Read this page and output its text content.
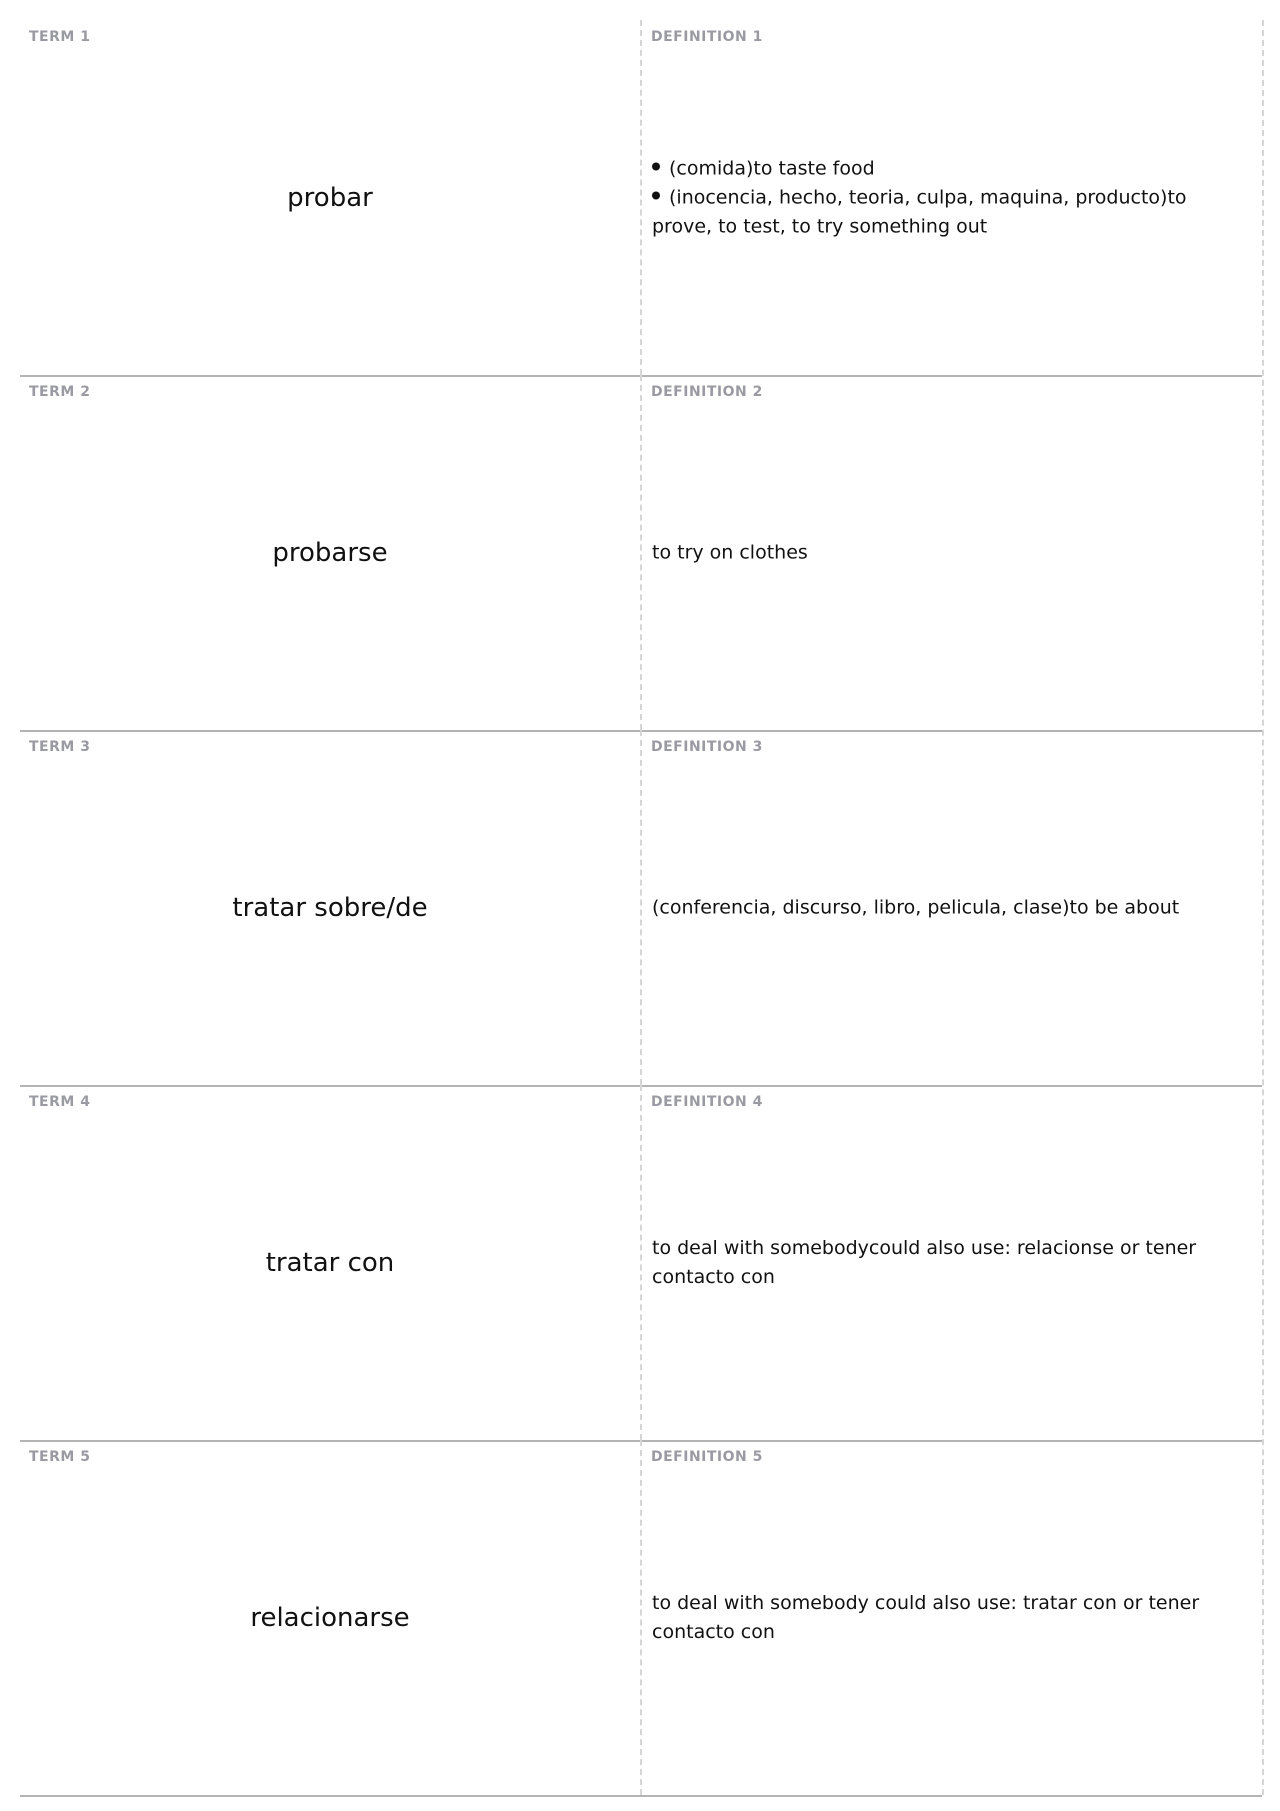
TERM 1
probar
DEFINITION 1
(comida)to taste food
(inocencia, hecho, teoria, culpa, maquina, producto)to prove, to test, to try something out
TERM 2
probarse
DEFINITION 2
to try on clothes
TERM 3
tratar sobre/de
DEFINITION 3
(conferencia, discurso, libro, pelicula, clase)to be about
TERM 4
tratar con
DEFINITION 4
to deal with somebodycould also use: relacionse or tener contacto con
TERM 5
relacionarse
DEFINITION 5
to deal with somebody could also use: tratar con or tener contacto con
